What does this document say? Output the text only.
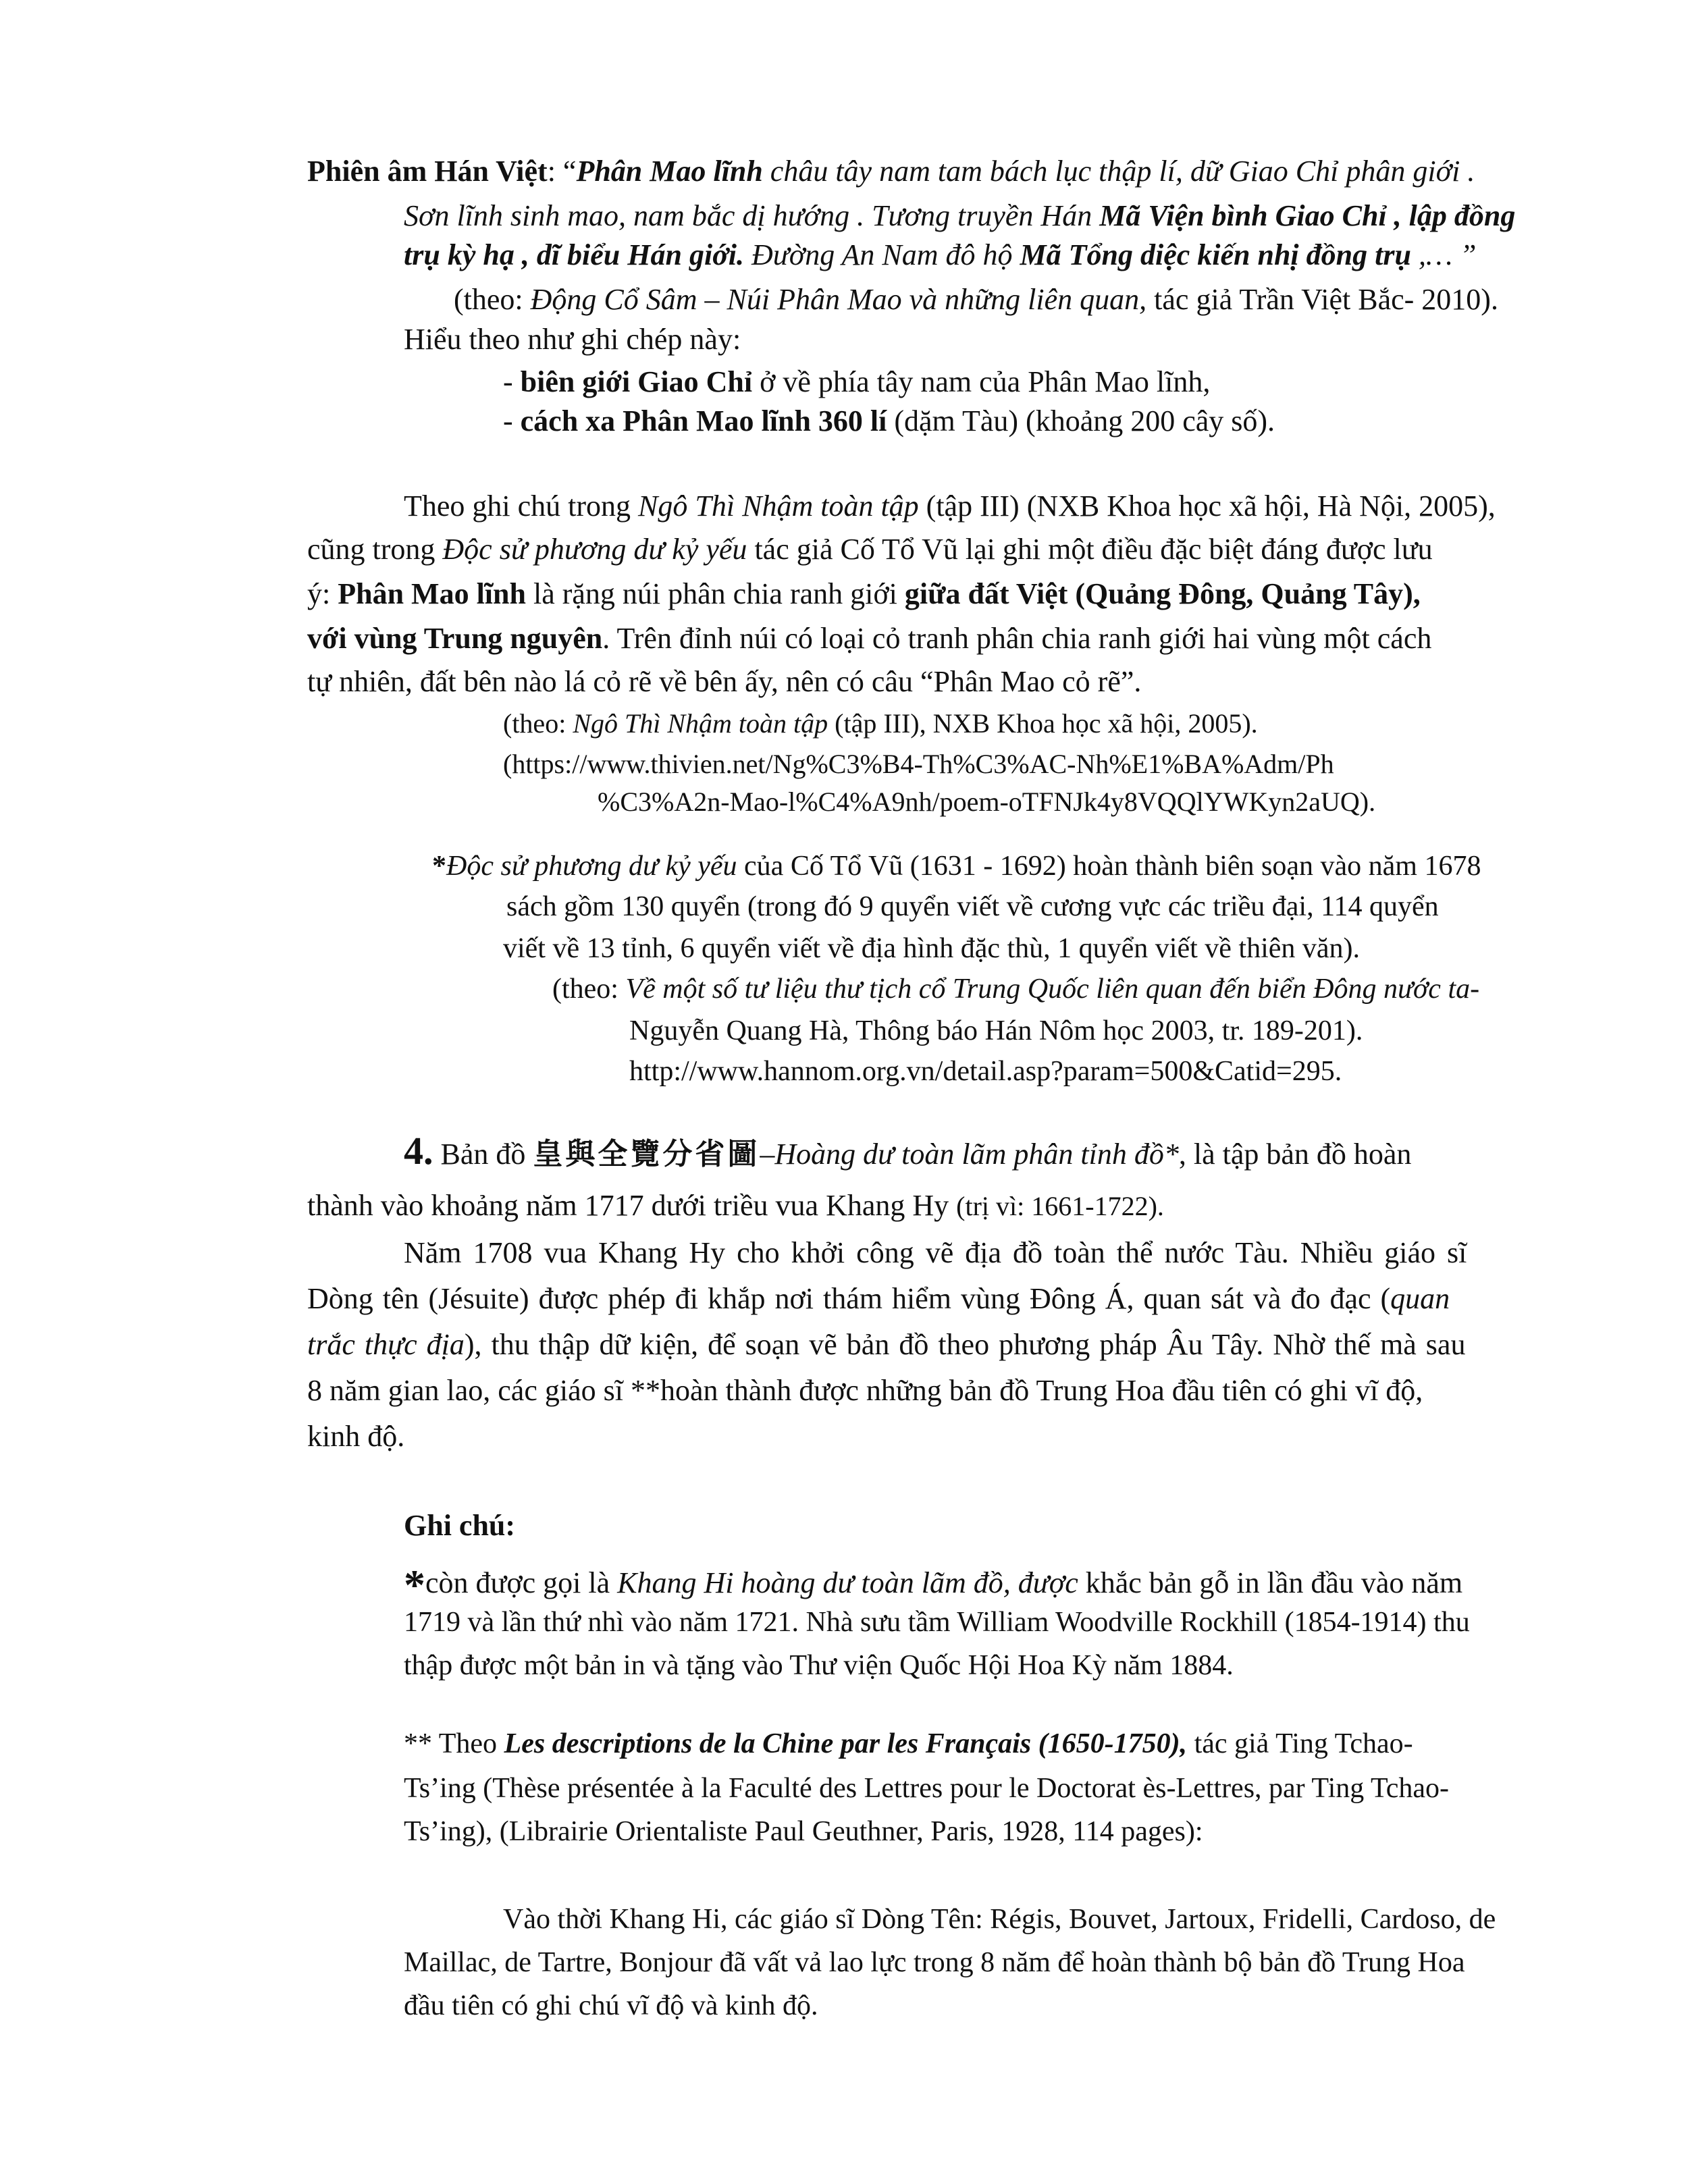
Phiên âm Hán Việt: “Phân Mao lĩnh châu tây nam tam bách lục thập lí, dữ Giao Chỉ phân giới .
Sơn lĩnh sinh mao, nam bắc dị hướng . Tương truyền Hán Mã Viện bình Giao Chỉ , lập đồng
trụ kỳ hạ , dĩ biểu Hán giới. Đường An Nam đô hộ Mã Tổng diệc kiến nhị đồng trụ ,… ”
(theo: Động Cổ Sâm – Núi Phân Mao và những liên quan, tác giả Trần Việt Bắc- 2010).
Hiểu theo như ghi chép này:
- biên giới Giao Chỉ ở về phía tây nam của Phân Mao lĩnh,
- cách xa Phân Mao lĩnh 360 lí (dặm Tàu) (khoảng 200 cây số).
Theo ghi chú trong Ngô Thì Nhậm toàn tập (tập III) (NXB Khoa học xã hội, Hà Nội, 2005),
cũng trong Độc sử phương dư kỷ yếu tác giả Cố Tổ Vũ lại ghi một điều đặc biệt đáng được lưu
ý: Phân Mao lĩnh là rặng núi phân chia ranh giới giữa đất Việt (Quảng Đông, Quảng Tây),
với vùng Trung nguyên. Trên đỉnh núi có loại cỏ tranh phân chia ranh giới hai vùng một cách
tự nhiên, đất bên nào lá cỏ rẽ về bên ấy, nên có câu “Phân Mao cỏ rẽ”.
(theo: Ngô Thì Nhậm toàn tập (tập III), NXB Khoa học xã hội, 2005).
(https://www.thivien.net/Ng%C3%B4-Th%C3%AC-Nh%E1%BA%Adm/Ph
%C3%A2n-Mao-l%C4%A9nh/poem-oTFNJk4y8VQQlYWKyn2aUQ).
*Độc sử phương dư kỷ yếu của Cố Tổ Vũ (1631 - 1692) hoàn thành biên soạn vào năm 1678
sách gồm 130 quyển (trong đó 9 quyển viết về cương vực các triều đại, 114 quyển
viết về 13 tỉnh, 6 quyển viết về địa hình đặc thù, 1 quyển viết về thiên văn).
(theo: Về một số tư liệu thư tịch cổ Trung Quốc liên quan đến biển Đông nước ta-
Nguyễn Quang Hà, Thông báo Hán Nôm học 2003, tr. 189-201).
http://www.hannom.org.vn/detail.asp?param=500&Catid=295.
4. Bản đồ 皇與全覽分省圖–Hoàng dư toàn lãm phân tỉnh đồ*, là tập bản đồ hoàn
thành vào khoảng năm 1717 dưới triều vua Khang Hy (trị vì: 1661-1722).
Năm 1708 vua Khang Hy cho khởi công vẽ địa đồ toàn thể nước Tàu. Nhiều giáo sĩ
Dòng tên (Jésuite) được phép đi khắp nơi thám hiểm vùng Đông Á, quan sát và đo đạc (quan
trắc thực địa), thu thập dữ kiện, để soạn vẽ bản đồ theo phương pháp Âu Tây. Nhờ thế mà sau
8 năm gian lao, các giáo sĩ **hoàn thành được những bản đồ Trung Hoa đầu tiên có ghi vĩ độ,
kinh độ.
Ghi chú:
*còn được gọi là Khang Hi hoàng dư toàn lãm đồ, được khắc bản gỗ in lần đầu vào năm
1719 và lần thứ nhì vào năm 1721. Nhà sưu tầm William Woodville Rockhill (1854-1914) thu
thập được một bản in và tặng vào Thư viện Quốc Hội Hoa Kỳ năm 1884.
** Theo Les descriptions de la Chine par les Français (1650-1750), tác giả Ting Tchao-
Ts’ing (Thèse présentée à la Faculté des Lettres pour le Doctorat ès-Lettres, par Ting Tchao-
Ts’ing), (Librairie Orientaliste Paul Geuthner, Paris, 1928, 114 pages):
Vào thời Khang Hi, các giáo sĩ Dòng Tên: Régis, Bouvet, Jartoux, Fridelli, Cardoso, de
Maillac, de Tartre, Bonjour đã vất vả lao lực trong 8 năm để hoàn thành bộ bản đồ Trung Hoa
đầu tiên có ghi chú vĩ độ và kinh độ.
